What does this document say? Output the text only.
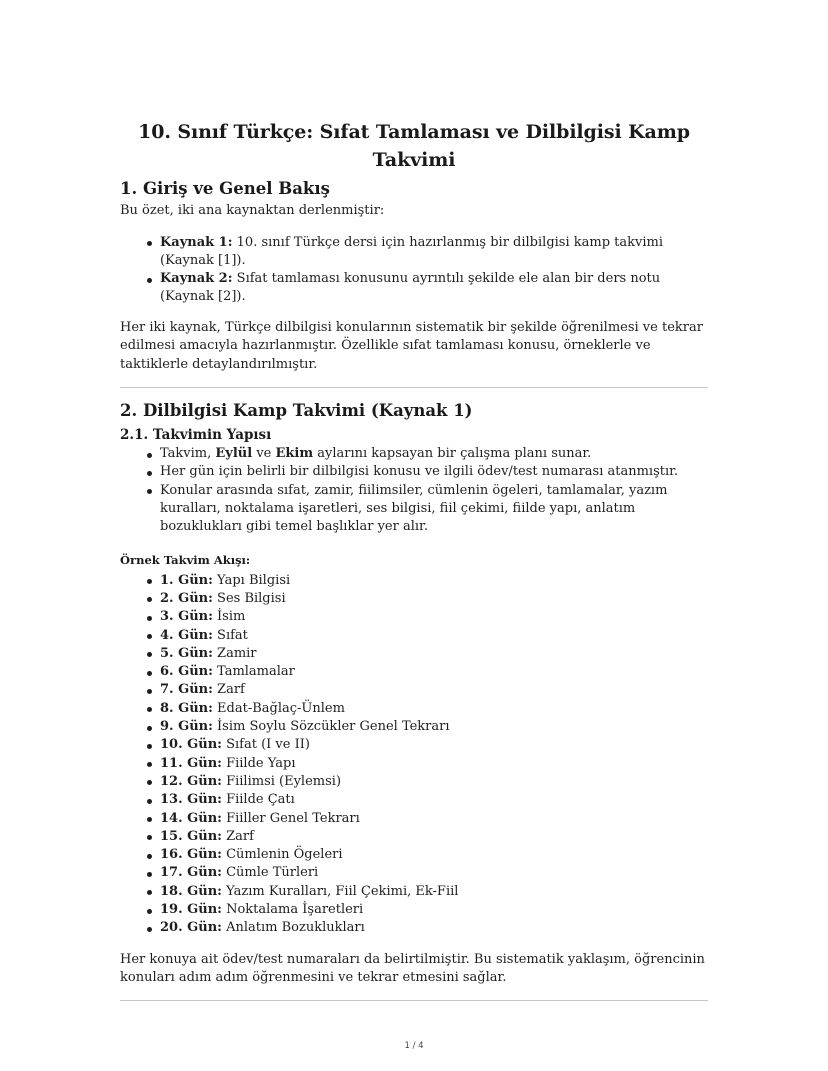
10. Sınıf Türkçe: Sıfat Tamlaması ve Dilbilgisi Kamp Takvimi
1. Giriş ve Genel Bakış

Bu özet, iki ana kaynaktan derlenmiştir:

Kaynak 1: 10. sınıf Türkçe dersi için hazırlanmış bir dilbilgisi kamp takvimi (Kaynak [1]).
Kaynak 2: Sıfat tamlaması konusunu ayrıntılı şekilde ele alan bir ders notu (Kaynak [2]).

Her iki kaynak, Türkçe dilbilgisi konularının sistematik bir şekilde öğrenilmesi ve tekrar edilmesi amacıyla hazırlanmıştır. Özellikle sıfat tamlaması konusu, örneklerle ve taktiklerle detaylandırılmıştır.

2. Dilbilgisi Kamp Takvimi (Kaynak 1)
2.1. Takvimin Yapısı
Takvim, Eylül ve Ekim aylarını kapsayan bir çalışma planı sunar.
Her gün için belirli bir dilbilgisi konusu ve ilgili ödev/test numarası atanmıştır.
Konular arasında sıfat, zamir, fiilimsiler, cümlenin ögeleri, tamlamalar, yazım kuralları, noktalama işaretleri, ses bilgisi, fiil çekimi, fiilde yapı, anlatım bozuklukları gibi temel başlıklar yer alır.
Örnek Takvim Akışı:
1. Gün: Yapı Bilgisi
2. Gün: Ses Bilgisi
3. Gün: İsim
4. Gün: Sıfat
5. Gün: Zamir
6. Gün: Tamlamalar
7. Gün: Zarf
8. Gün: Edat-Bağlaç-Ünlem
9. Gün: İsim Soylu Sözcükler Genel Tekrarı
10. Gün: Sıfat (I ve II)
11. Gün: Fiilde Yapı
12. Gün: Fiilimsi (Eylemsi)
13. Gün: Fiilde Çatı
14. Gün: Fiiller Genel Tekrarı
15. Gün: Zarf
16. Gün: Cümlenin Ögeleri
17. Gün: Cümle Türleri
18. Gün: Yazım Kuralları, Fiil Çekimi, Ek-Fiil
19. Gün: Noktalama İşaretleri
20. Gün: Anlatım Bozuklukları

Her konuya ait ödev/test numaraları da belirtilmiştir. Bu sistematik yaklaşım, öğrencinin konuları adım adım öğrenmesini ve tekrar etmesini sağlar.

1 / 4
